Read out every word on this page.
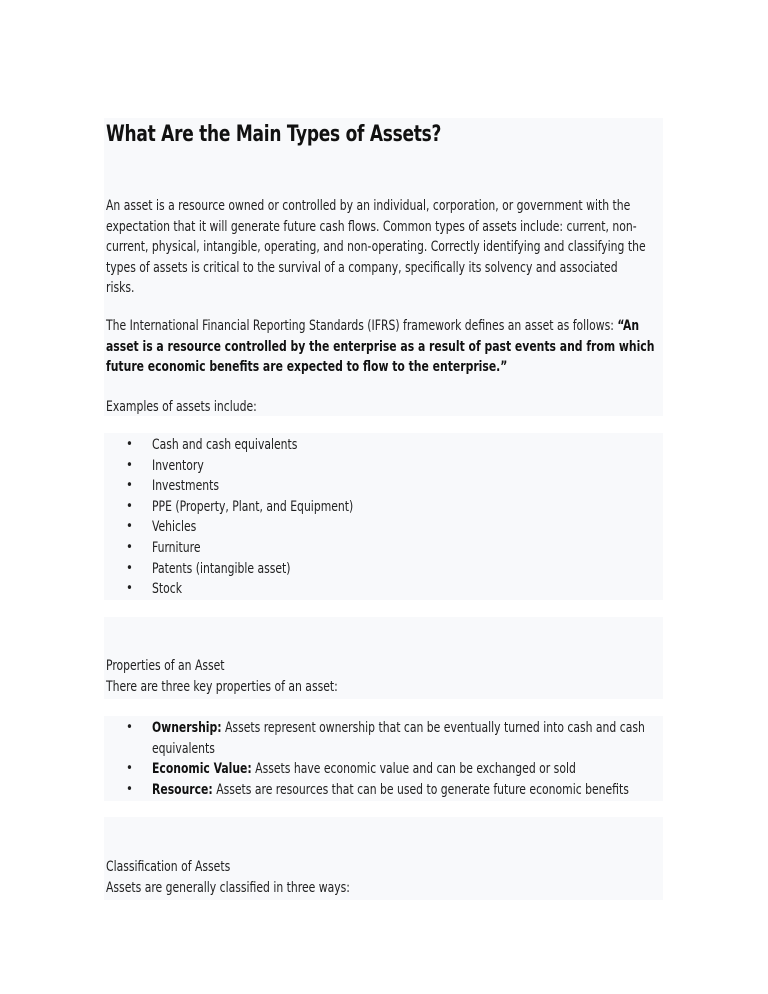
What Are the Main Types of Assets?

An asset is a resource owned or controlled by an individual, corporation, or government with the
expectation that it will generate future cash flows. Common types of assets include: current, non-
current, physical, intangible, operating, and non-operating. Correctly identifying and classifying the
types of assets is critical to the survival of a company, specifically its solvency and associated
risks.

The International Financial Reporting Standards (IFRS) framework defines an asset as follows: “An
asset is a resource controlled by the enterprise as a result of past events and from which
future economic benefits are expected to flow to the enterprise.”

Examples of assets include:

• Cash and cash equivalents
• Inventory
• Investments
• PPE (Property, Plant, and Equipment)
• Vehicles
• Furniture
• Patents (intangible asset)
• Stock

Properties of an Asset
There are three key properties of an asset:

• Ownership: Assets represent ownership that can be eventually turned into cash and cash
equivalents
• Economic Value: Assets have economic value and can be exchanged or sold
• Resource: Assets are resources that can be used to generate future economic benefits

Classification of Assets
Assets are generally classified in three ways:
